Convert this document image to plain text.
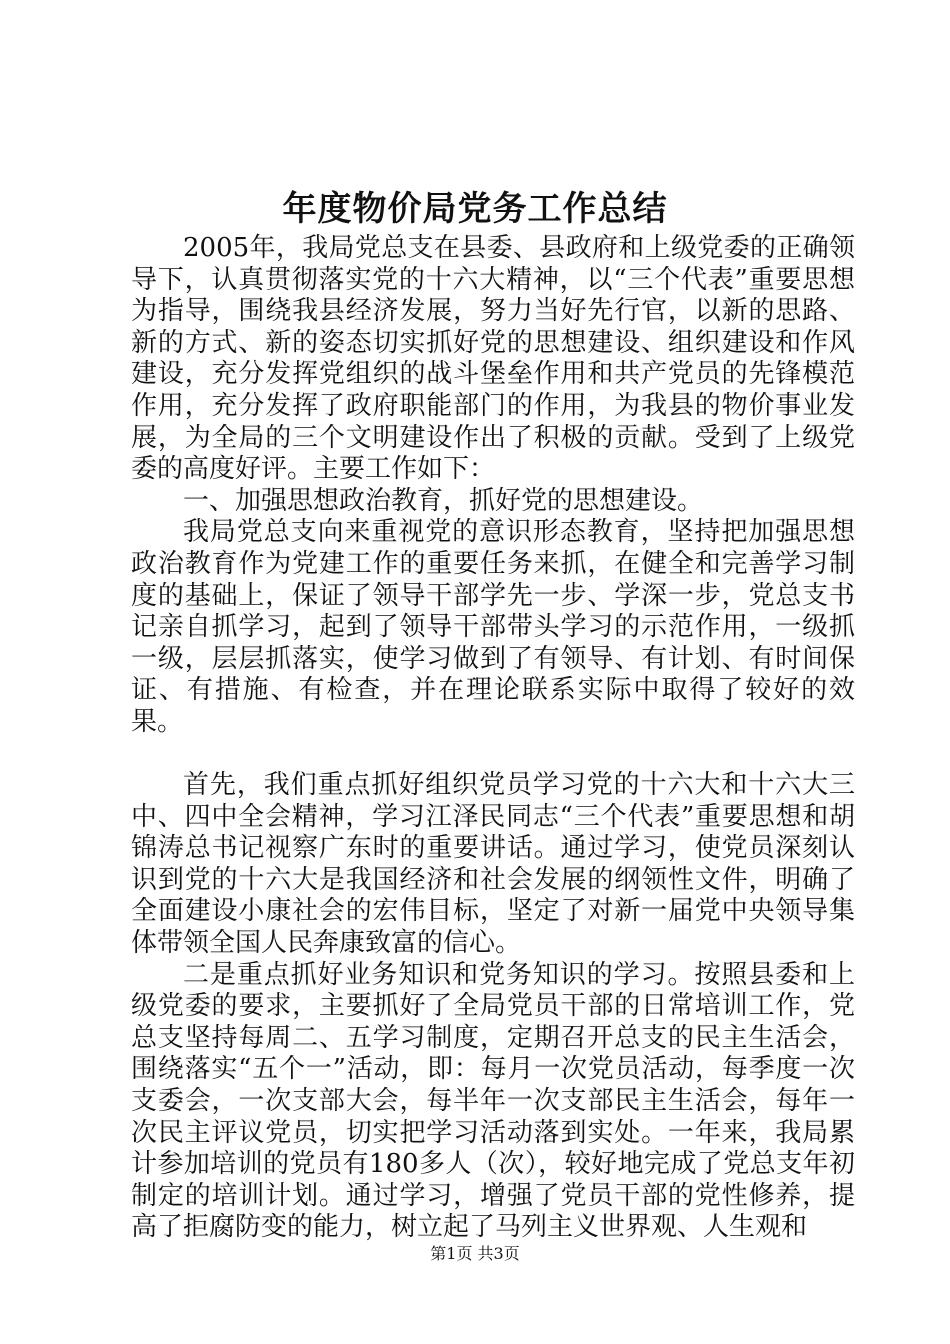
年度物价局党务工作总结

2005年，我局党总支在县委、县政府和上级党委的正确领导下，认真贯彻落实党的十六大精神，以“三个代表”重要思想为指导，围绕我县经济发展，努力当好先行官，以新的思路、新的方式、新的姿态切实抓好党的思想建设、组织建设和作风建设，充分发挥党组织的战斗堡垒作用和共产党员的先锋模范作用，充分发挥了政府职能部门的作用，为我县的物价事业发展，为全局的三个文明建设作出了积极的贡献。受到了上级党委的高度好评。主要工作如下：

一、加强思想政治教育，抓好党的思想建设。

我局党总支向来重视党的意识形态教育，坚持把加强思想政治教育作为党建工作的重要任务来抓，在健全和完善学习制度的基础上，保证了领导干部学先一步、学深一步，党总支书记亲自抓学习，起到了领导干部带头学习的示范作用，一级抓一级，层层抓落实，使学习做到了有领导、有计划、有时间保证、有措施、有检查，并在理论联系实际中取得了较好的效果。

首先，我们重点抓好组织党员学习党的十六大和十六大三中、四中全会精神，学习江泽民同志“三个代表”重要思想和胡锦涛总书记视察广东时的重要讲话。通过学习，使党员深刻认识到党的十六大是我国经济和社会发展的纲领性文件，明确了全面建设小康社会的宏伟目标，坚定了对新一届党中央领导集体带领全国人民奔康致富的信心。

二是重点抓好业务知识和党务知识的学习。按照县委和上级党委的要求，主要抓好了全局党员干部的日常培训工作，党总支坚持每周二、五学习制度，定期召开总支的民主生活会，围绕落实“五个一”活动，即：每月一次党员活动，每季度一次支委会，一次支部大会，每半年一次支部民主生活会，每年一次民主评议党员，切实把学习活动落到实处。一年来，我局累计参加培训的党员有180多人（次），较好地完成了党总支年初制定的培训计划。通过学习，增强了党员干部的党性修养，提高了拒腐防变的能力，树立起了马列主义世界观、人生观和

第1页 共3页
